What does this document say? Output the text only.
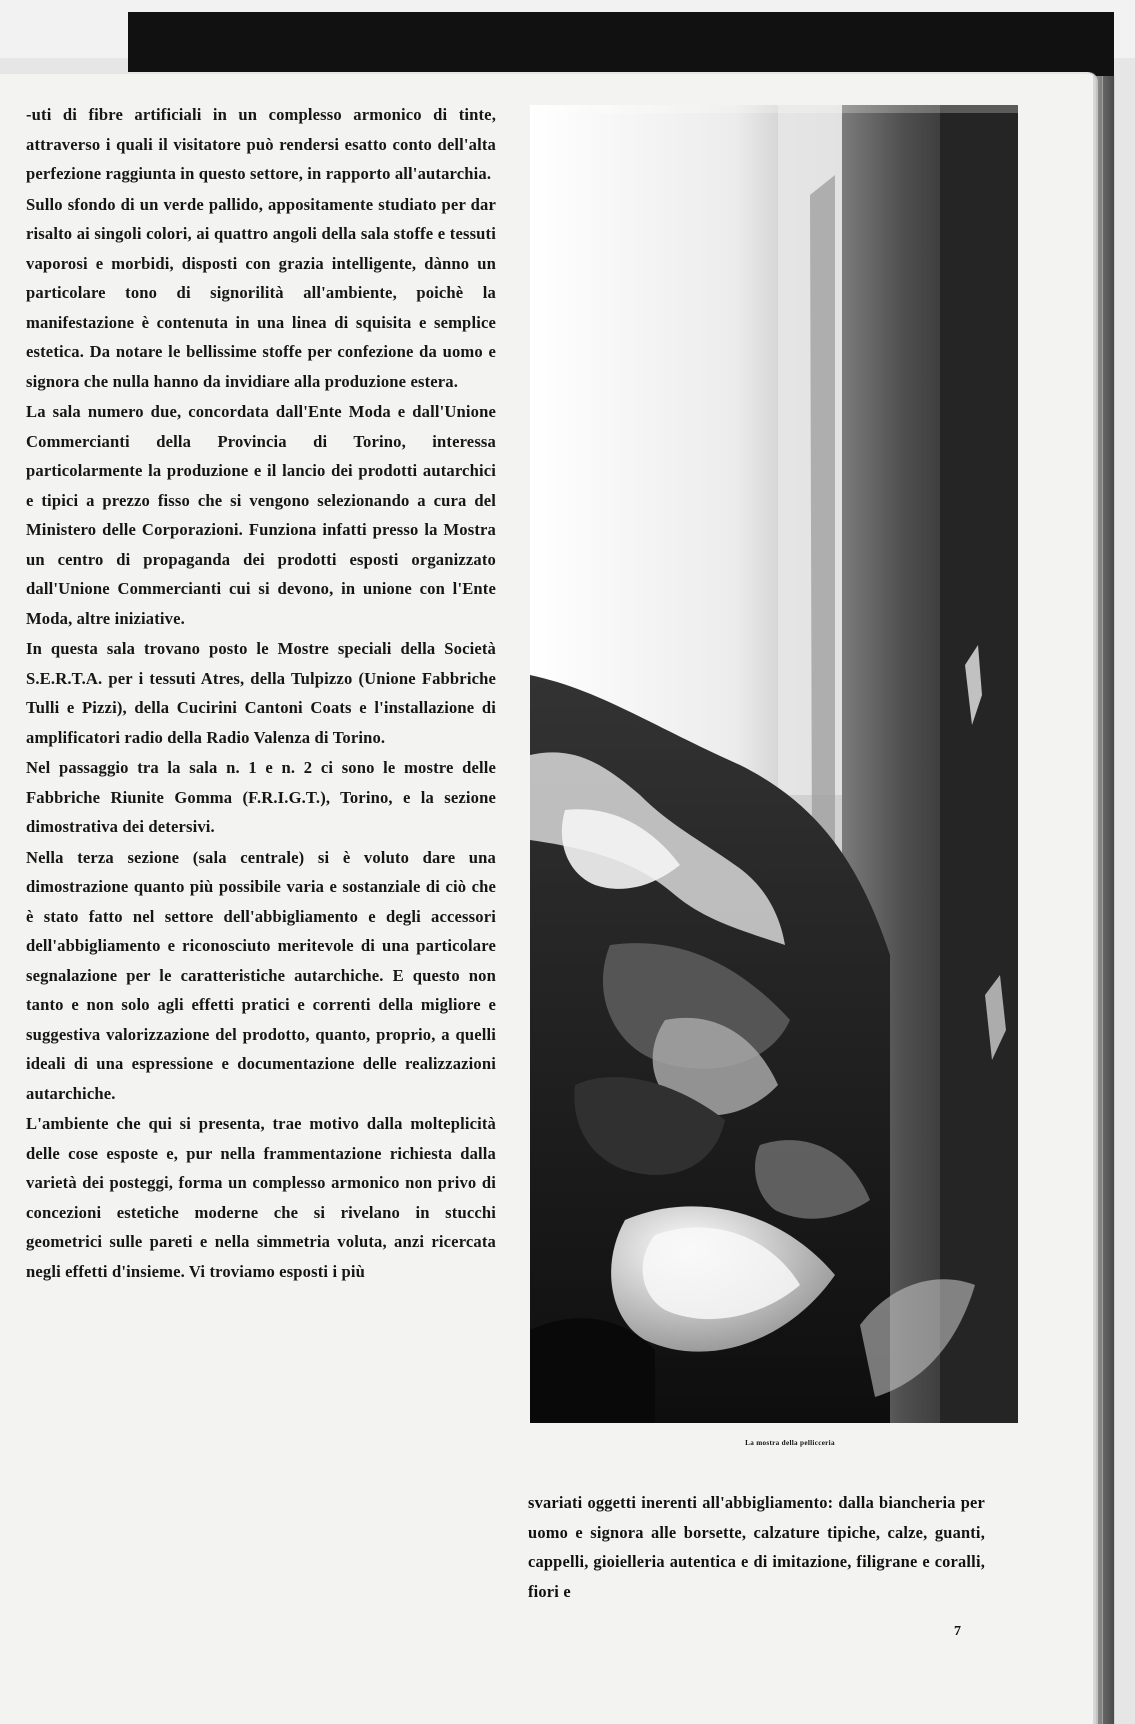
-uti di fibre artificiali in un complesso armonico di tinte, attraverso i quali il visitatore può rendersi esatto conto dell'alta perfezione raggiunta in questo settore, in rapporto all'autarchia.

Sullo sfondo di un verde pallido, appositamente studiato per dar risalto ai singoli colori, ai quattro angoli della sala stoffe e tessuti vaporosi e morbidi, disposti con grazia intelligente, dànno un particolare tono di signorilità all'ambiente, poichè la manifestazione è contenuta in una linea di squisita e semplice estetica. Da notare le bellissime stoffe per confezione da uomo e signora che nulla hanno da invidiare alla produzione estera.

La sala numero due, concordata dall'Ente Moda e dall'Unione Commercianti della Provincia di Torino, interessa particolarmente la produzione e il lancio dei prodotti autarchici e tipici a prezzo fisso che si vengono selezionando a cura del Ministero delle Corporazioni. Funziona infatti presso la Mostra un centro di propaganda dei prodotti esposti organizzato dall'Unione Commercianti cui si devono, in unione con l'Ente Moda, altre iniziative.

In questa sala trovano posto le Mostre speciali della Società S.E.R.T.A. per i tessuti Atres, della Tulpizzo (Unione Fabbriche Tulli e Pizzi), della Cucirini Cantoni Coats e l'installazione di amplificatori radio della Radio Valenza di Torino.

Nel passaggio tra la sala n. 1 e n. 2 ci sono le mostre delle Fabbriche Riunite Gomma (F.R.I.G.T.), Torino, e la sezione dimostrativa dei detersivi.

Nella terza sezione (sala centrale) si è voluto dare una dimostrazione quanto più possibile varia e sostanziale di ciò che è stato fatto nel settore dell'abbigliamento e degli accessori dell'abbigliamento e riconosciuto meritevole di una particolare segnalazione per le caratteristiche autarchiche. E questo non tanto e non solo agli effetti pratici e correnti della migliore e suggestiva valorizzazione del prodotto, quanto, proprio, a quelli ideali di una espressione e documentazione delle realizzazioni autarchiche.

L'ambiente che qui si presenta, trae motivo dalla molteplicità delle cose esposte e, pur nella frammentazione richiesta dalla varietà dei posteggi, forma un complesso armonico non privo di concezioni estetiche moderne che si rivelano in stucchi geometrici sulle pareti e nella simmetria voluta, anzi ricercata negli effetti d'insieme. Vi troviamo esposti i più

La mostra della pellicceria

svariati oggetti inerenti all'abbigliamento: dalla biancheria per uomo e signora alle borsette, calzature tipiche, calze, guanti, cappelli, gioielleria autentica e di imitazione, filigrane e coralli, fiori e

7
